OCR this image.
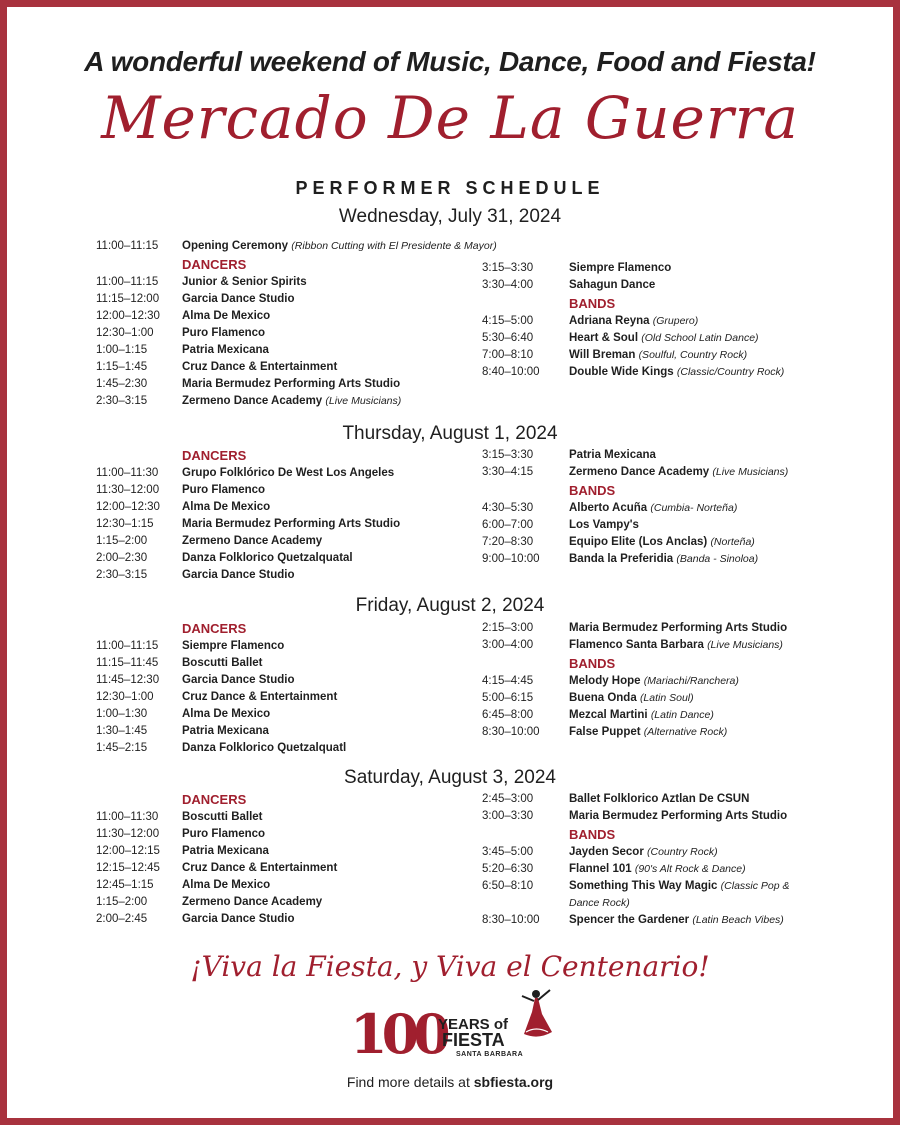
A wonderful weekend of Music, Dance, Food and Fiesta!
Mercado De La Guerra
PERFORMER SCHEDULE
Wednesday, July 31, 2024
11:00–11:15	Opening Ceremony (Ribbon Cutting with El Presidente & Mayor)
DANCERS
11:00–11:15	Junior & Senior Spirits
11:15–12:00	Garcia Dance Studio
12:00–12:30	Alma De Mexico
12:30–1:00	Puro Flamenco
1:00–1:15	Patria Mexicana
1:15–1:45	Cruz Dance & Entertainment
1:45–2:30	Maria Bermudez Performing Arts Studio
2:30–3:15	Zermeno Dance Academy (Live Musicians)
3:15–3:30	Siempre Flamenco
3:30–4:00	Sahagun Dance
BANDS
4:15–5:00	Adriana Reyna (Grupero)
5:30–6:40	Heart & Soul (Old School Latin Dance)
7:00–8:10	Will Breman (Soulful, Country Rock)
8:40–10:00	Double Wide Kings (Classic/Country Rock)
Thursday, August 1, 2024
DANCERS
11:00–11:30	Grupo Folklórico De West Los Angeles
11:30–12:00	Puro Flamenco
12:00–12:30	Alma De Mexico
12:30–1:15	Maria Bermudez Performing Arts Studio
1:15–2:00	Zermeno Dance Academy
2:00–2:30	Danza Folklorico Quetzalquatal
2:30–3:15	Garcia Dance Studio
3:15–3:30	Patria Mexicana
3:30–4:15	Zermeno Dance Academy (Live Musicians)
BANDS
4:30–5:30	Alberto Acuña (Cumbia- Norteña)
6:00–7:00	Los Vampy's
7:20–8:30	Equipo Elite (Los Anclas) (Norteña)
9:00–10:00	Banda la Preferidia (Banda - Sinoloa)
Friday, August 2, 2024
DANCERS
11:00–11:15	Siempre Flamenco
11:15–11:45	Boscutti Ballet
11:45–12:30	Garcia Dance Studio
12:30–1:00	Cruz Dance & Entertainment
1:00–1:30	Alma De Mexico
1:30–1:45	Patria Mexicana
1:45–2:15	Danza Folklorico Quetzalquatl
2:15–3:00	Maria Bermudez Performing Arts Studio
3:00–4:00	Flamenco Santa Barbara (Live Musicians)
BANDS
4:15–4:45	Melody Hope (Mariachi/Ranchera)
5:00–6:15	Buena Onda (Latin Soul)
6:45–8:00	Mezcal Martini (Latin Dance)
8:30–10:00	False Puppet (Alternative Rock)
Saturday, August 3, 2024
DANCERS
11:00–11:30	Boscutti Ballet
11:30–12:00	Puro Flamenco
12:00–12:15	Patria Mexicana
12:15–12:45	Cruz Dance & Entertainment
12:45–1:15	Alma De Mexico
1:15–2:00	Zermeno Dance Academy
2:00–2:45	Garcia Dance Studio
2:45–3:00	Ballet Folklorico Aztlan De CSUN
3:00–3:30	Maria Bermudez Performing Arts Studio
BANDS
3:45–5:00	Jayden Secor (Country Rock)
5:20–6:30	Flannel 101 (90's Alt Rock & Dance)
6:50–8:10	Something This Way Magic (Classic Pop & Dance Rock)
8:30–10:00	Spencer the Gardener (Latin Beach Vibes)
¡Viva la Fiesta, y Viva el Centenario!
100
YEARS of
FIESTA
SANTA BARBARA
Find more details at sbfiesta.org
